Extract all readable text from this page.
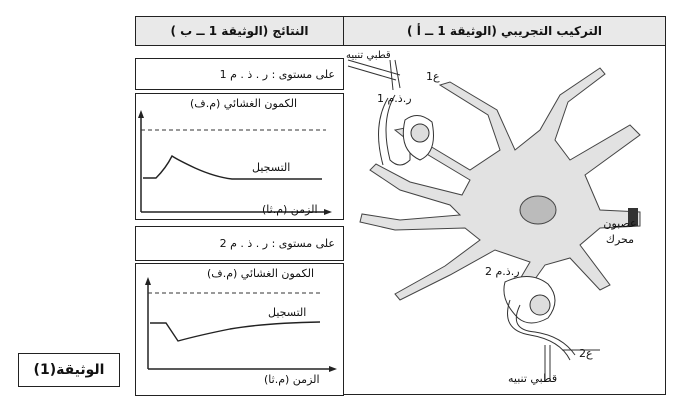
النتائج (الوثيقة 1 ــ ب )	التركيب التجريبي (الوثيقة 1 ــ أ )
على مستوى : ر . ذ . م 1
على مستوى : ر . ذ . م 2
الكمون الغشائي (م.ف)
التسجيل
الزمن (م.ثا)
الكمون الغشائي (م.ف)
التسجيل
الزمن (م.ثا)
قطبي تنبيه
ع1
ر.ذ.م 1
عصبون محرك
ر.ذ.م 2
ع2
قطبي تنبيه
الوثيقة(1)
